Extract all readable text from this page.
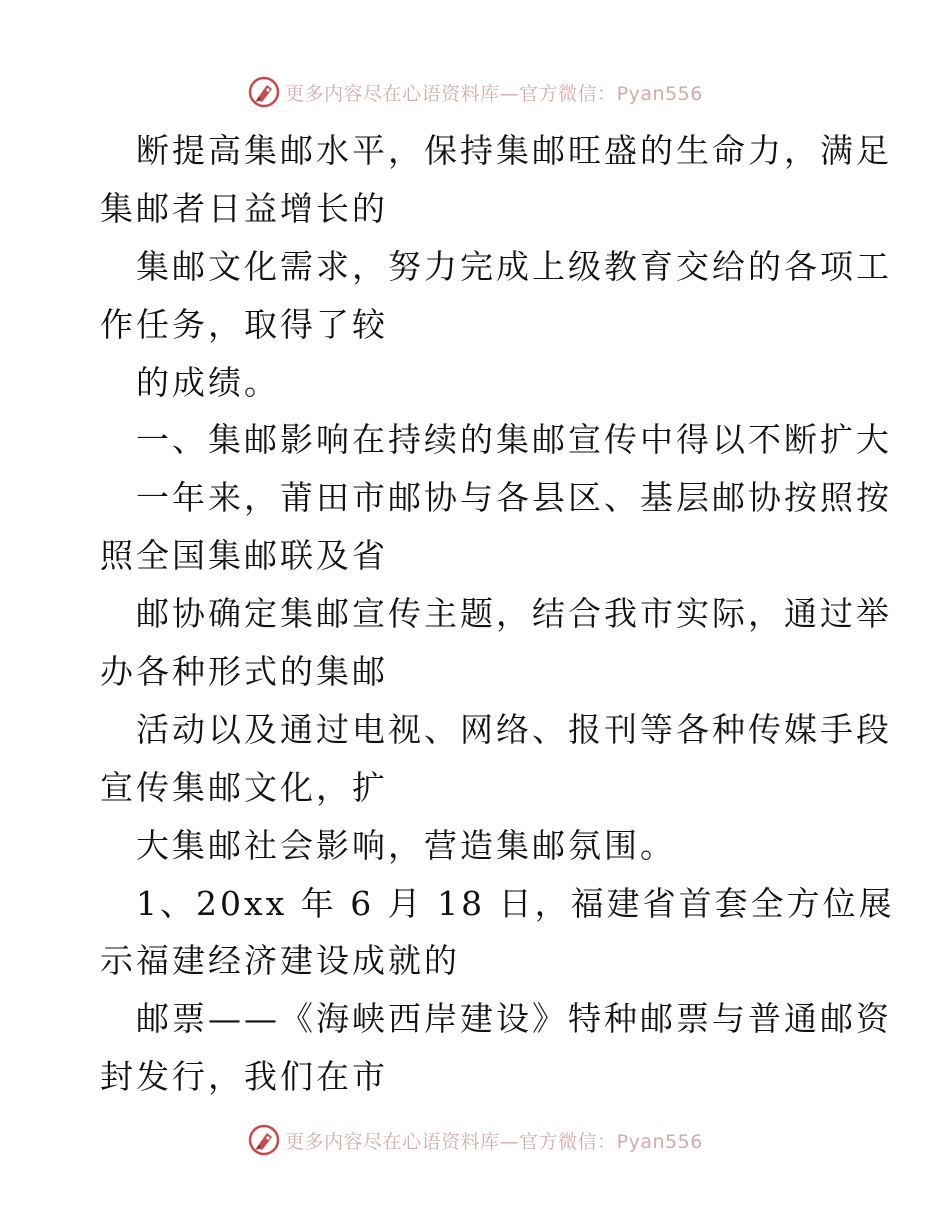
更多内容尽在心语资料库—官方微信：Pyan556
断提高集邮水平，保持集邮旺盛的生命力，满足
集邮者日益增长的
集邮文化需求，努力完成上级教育交给的各项工
作任务，取得了较
的成绩。
一、集邮影响在持续的集邮宣传中得以不断扩大
一年来，莆田市邮协与各县区、基层邮协按照按
照全国集邮联及省
邮协确定集邮宣传主题，结合我市实际，通过举
办各种形式的集邮
活动以及通过电视、网络、报刊等各种传媒手段
宣传集邮文化，扩
大集邮社会影响，营造集邮氛围。
1、20xx 年 6 月 18 日，福建省首套全方位展
示福建经济建设成就的
邮票——《海峡西岸建设》特种邮票与普通邮资
封发行，我们在市
更多内容尽在心语资料库—官方微信：Pyan556
